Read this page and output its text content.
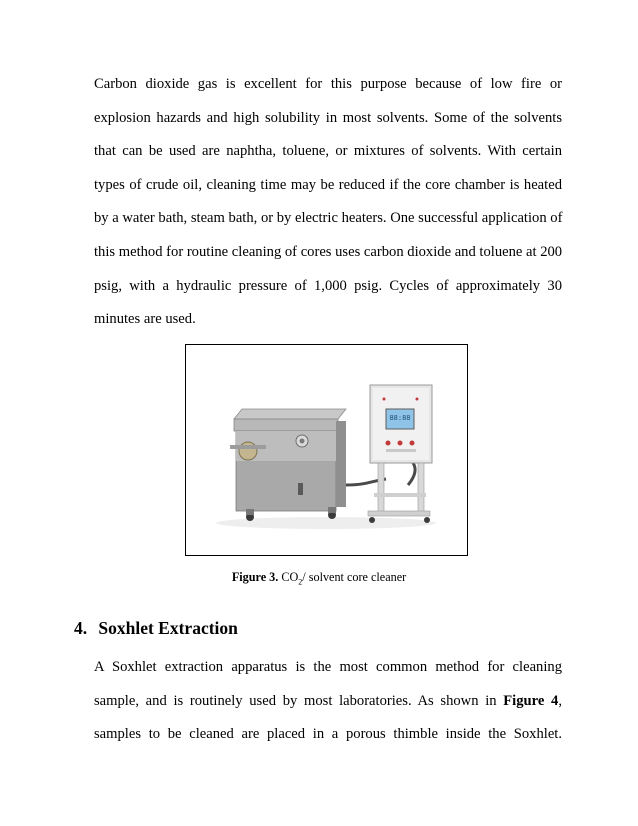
Carbon dioxide gas is excellent for this purpose because of low fire or
explosion hazards and high solubility in most solvents. Some of the solvents
that can be used are naphtha, toluene, or mixtures of solvents. With certain
types of crude oil, cleaning time may be reduced if the core chamber is heated
by a water bath, steam bath, or by electric heaters. One successful application of
this method for routine cleaning of cores uses carbon dioxide and toluene at 200
psig, with a hydraulic pressure of 1,000 psig. Cycles of approximately 30
minutes are used.
88:88
Figure 3. $CO_2/$ solvent core cleaner
4. Soxhlet Extraction
A Soxhlet extraction apparatus is the most common method for cleaning
sample, and is routinely used by most laboratories. As shown in Figure 4,
samples to be cleaned are placed in a porous thimble inside the Soxhlet.
